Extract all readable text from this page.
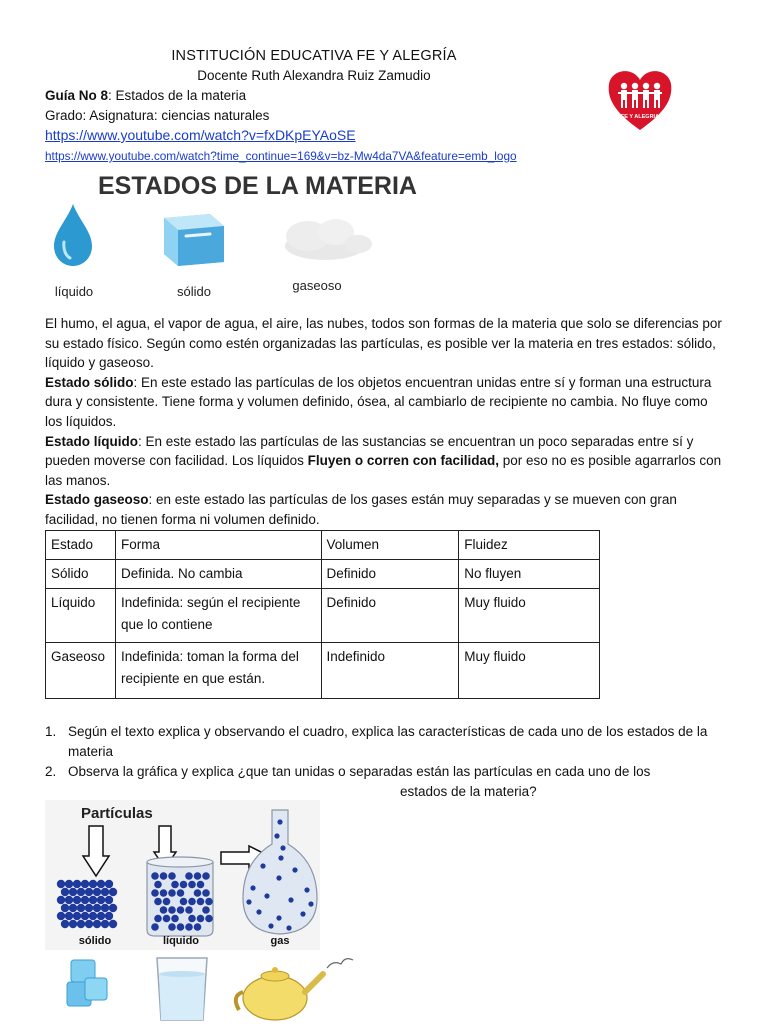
INSTITUCIÓN EDUCATIVA FE Y ALEGRÍA
Docente Ruth Alexandra Ruiz Zamudio
Guía No 8: Estados de la materia
Grado: Asignatura: ciencias naturales
https://www.youtube.com/watch?v=fxDKpEYAoSE
https://www.youtube.com/watch?time_continue=169&v=bz-Mw4da7VA&feature=emb_logo
FE Y ALEGRIA
ESTADOS DE LA MATERIA
líquido	sólido	gaseoso

El humo, el agua, el vapor de agua, el aire, las nubes, todos son formas de la materia que solo se diferencias por su estado físico. Según como estén organizadas las partículas, es posible ver la materia en tres estados: sólido, líquido y gaseoso.

Estado sólido: En este estado las partículas de los objetos encuentran unidas entre sí y forman una estructura dura y consistente. Tiene forma y volumen definido, ósea, al cambiarlo de recipiente no cambia. No fluye como los líquidos.

Estado líquido: En este estado las partículas de las sustancias se encuentran un poco separadas entre sí y pueden moverse con facilidad. Los líquidos Fluyen o corren con facilidad, por eso no es posible agarrarlos con las manos.

Estado gaseoso: en este estado las partículas de los gases están muy separadas y se mueven con gran facilidad, no tienen forma ni volumen definido.

Estado	Forma	Volumen	Fluidez
Sólido	Definida. No cambia	Definido	No fluyen
Líquido	Indefinida: según el recipiente que lo contiene	Definido	Muy fluido
Gaseoso	Indefinida: toman la forma del recipiente en que están.	Indefinido	Muy fluido
1. Según el texto explica y observando el cuadro, explica las características de cada uno de los estados de la materia
2. Observa la gráfica y explica ¿que tan unidas o separadas están las partículas en cada uno de los
estados de la materia?
Partículas
sólido	líquido	gas
